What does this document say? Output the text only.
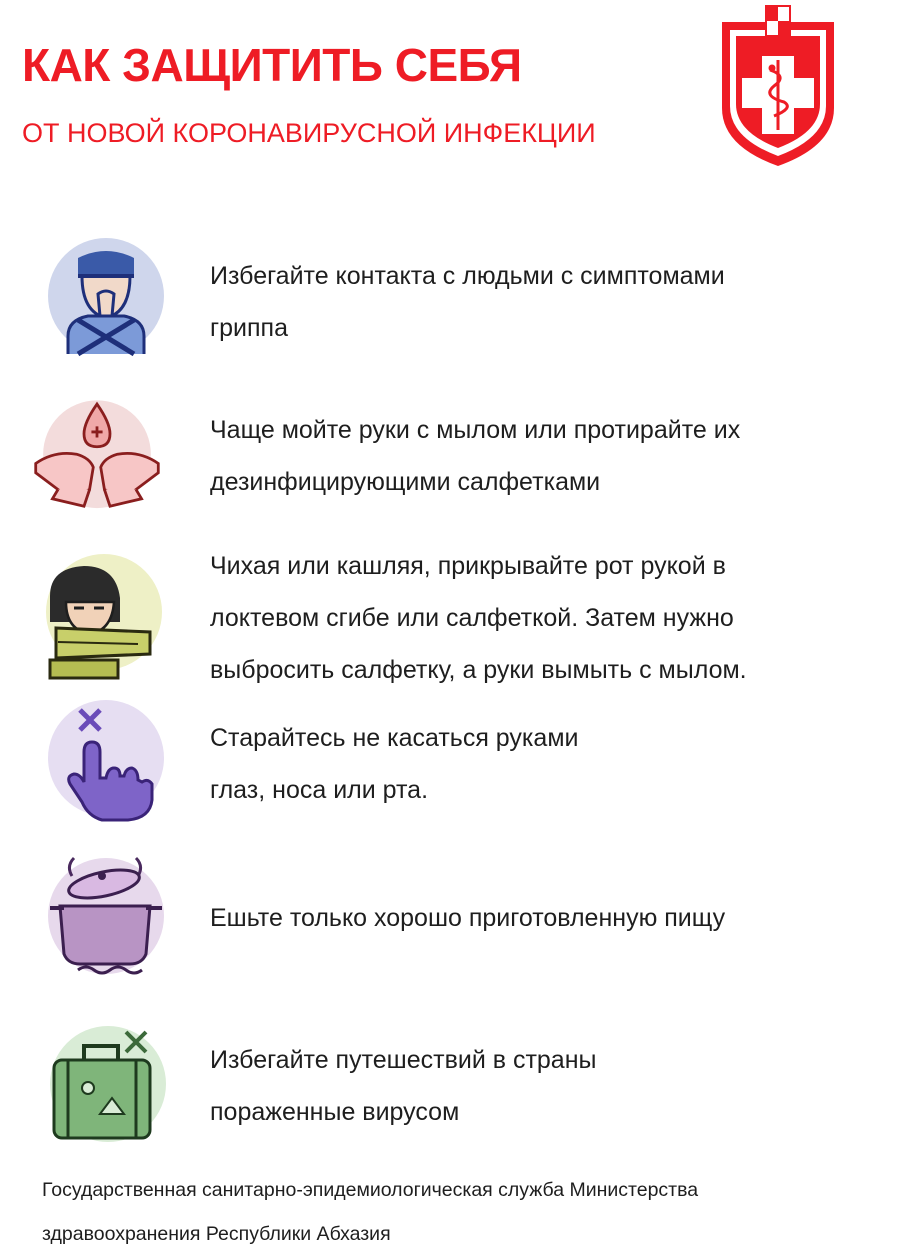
КАК ЗАЩИТИТЬ СЕБЯ
ОТ НОВОЙ КОРОНАВИРУСНОЙ ИНФЕКЦИИ
Избегайте контакта с людьми с симптомами
гриппа
Чаще мойте руки с мылом или протирайте их
дезинфицирующими салфетками
Чихая или кашляя, прикрывайте рот рукой в
локтевом сгибе или салфеткой. Затем нужно
выбросить салфетку, а руки вымыть с мылом.
Старайтесь не касаться руками
глаз, носа или рта.
Ешьте только хорошо приготовленную пищу
Избегайте путешествий в страны
пораженные вирусом
Государственная санитарно-эпидемиологическая служба Министерства
здравоохранения Республики Абхазия
